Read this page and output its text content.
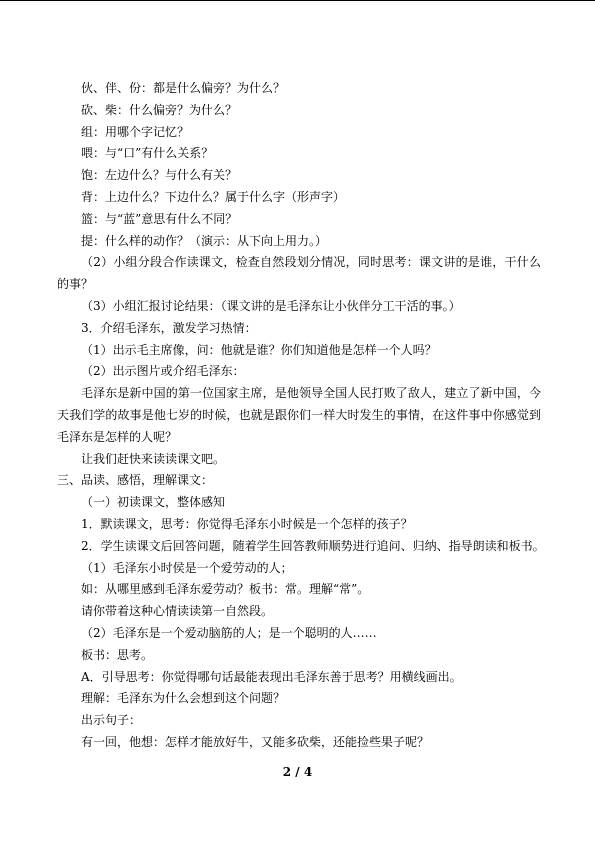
伙、伴、份：都是什么偏旁？为什么？
砍、柴：什么偏旁？为什么？
组：用哪个字记忆？
喂：与“口”有什么关系？
饱：左边什么？与什么有关？
背：上边什么？下边什么？属于什么字（形声字）
篮：与“蓝”意思有什么不同？
提：什么样的动作？（演示：从下向上用力。）
（2）小组分段合作读课文，检查自然段划分情况，同时思考：课文讲的是谁，干什么的事？
（3）小组汇报讨论结果：（课文讲的是毛泽东让小伙伴分工干活的事。）
3．介绍毛泽东，激发学习热情：
（1）出示毛主席像，问：他就是谁？你们知道他是怎样一个人吗？
（2）出示图片或介绍毛泽东：
毛泽东是新中国的第一位国家主席，是他领导全国人民打败了敌人，建立了新中国，今天我们学的故事是他七岁的时候，也就是跟你们一样大时发生的事情，在这件事中你感觉到毛泽东是怎样的人呢？
让我们赶快来读读课文吧。
三、品读、感悟，理解课文：
（一）初读课文，整体感知
1．默读课文，思考：你觉得毛泽东小时候是一个怎样的孩子？
2．学生读课文后回答问题，随着学生回答教师顺势进行追问、归纳、指导朗读和板书。
（1）毛泽东小时侯是一个爱劳动的人；
如：从哪里感到毛泽东爱劳动？板书：常。理解“常”。
请你带着这种心情读读第一自然段。
（2）毛泽东是一个爱动脑筋的人；是一个聪明的人……
板书：思考。
A．引导思考：你觉得哪句话最能表现出毛泽东善于思考？用横线画出。
理解：毛泽东为什么会想到这个问题？
出示句子：
有一回，他想：怎样才能放好牛，又能多砍柴，还能捡些果子呢？
2 / 4
